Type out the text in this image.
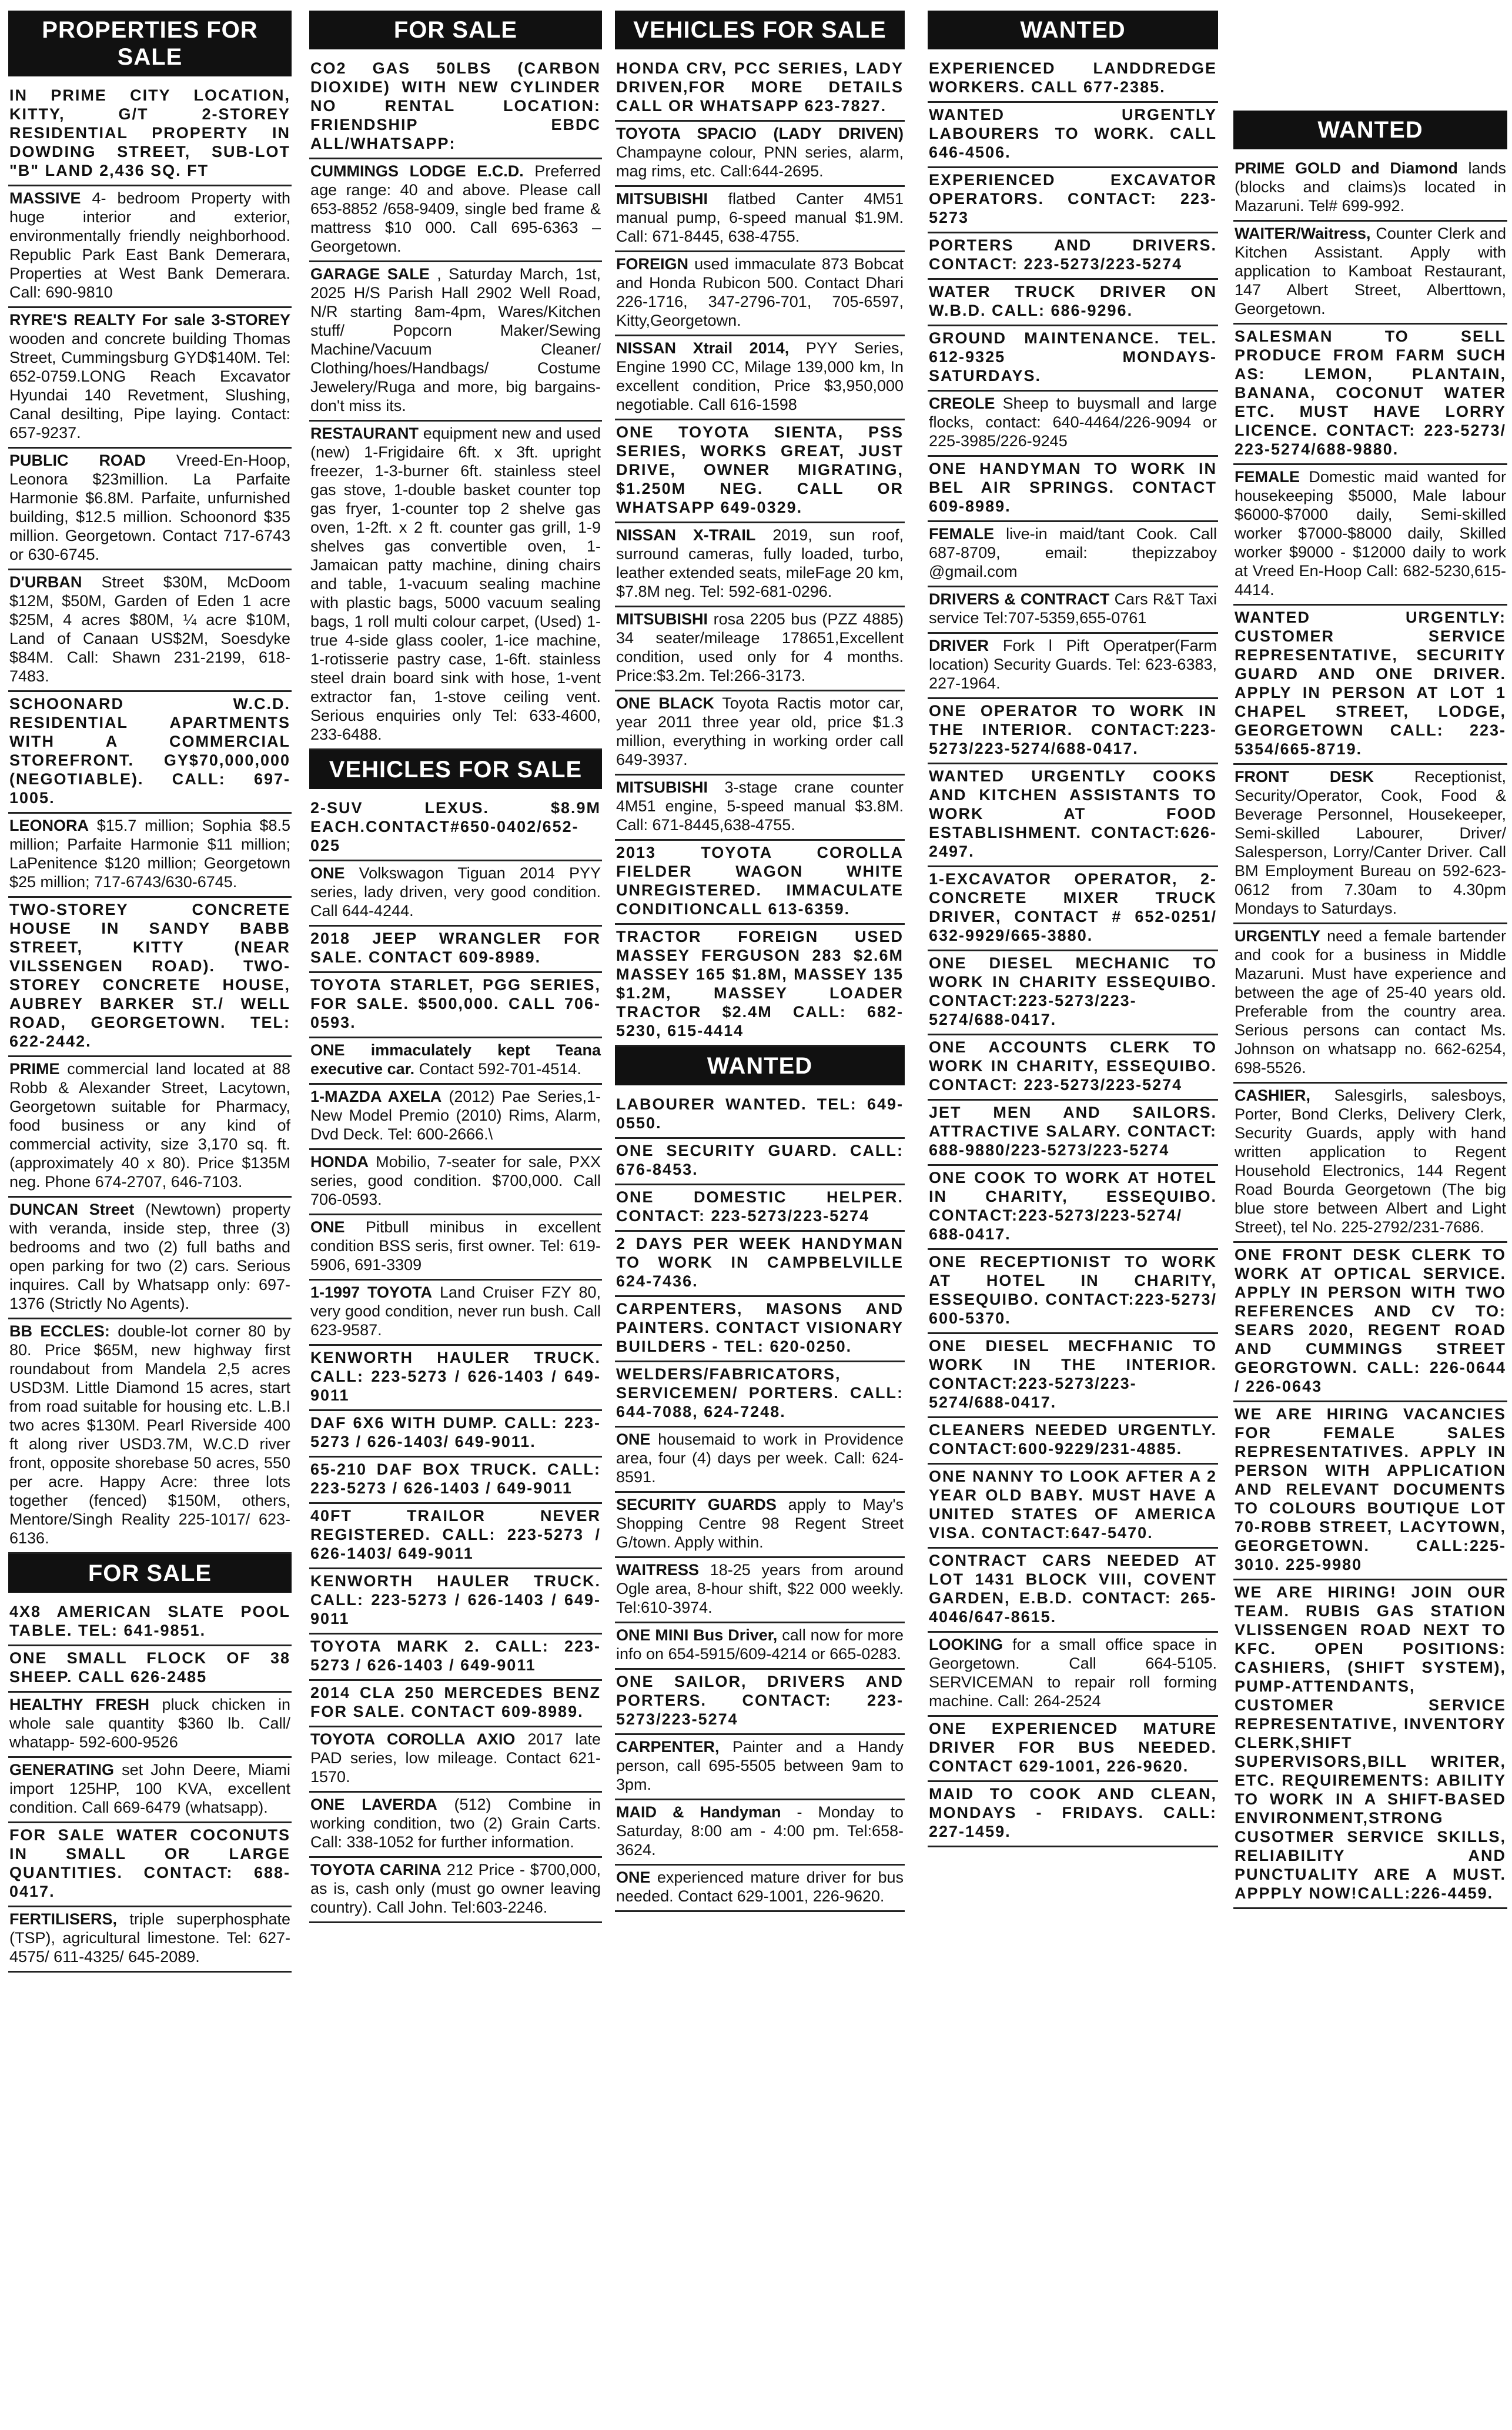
PROPERTIES FOR SALE

IN PRIME CITY LOCATION, KITTY, G/T 2-STOREY RESIDENTIAL PROPERTY IN DOWDING STREET, SUB-LOT "B" LAND 2,436 SQ. FT

MASSIVE 4- bedroom Property with huge interior and exterior, environmentally friendly neighborhood. Republic Park East Bank Demerara, Properties at West Bank Demerara. Call: 690-9810

RYRE'S REALTY For sale 3-STOREY wooden and concrete building Thomas Street, Cummingsburg GYD$140M. Tel: 652-0759.LONG Reach Excavator Hyundai 140 Revetment, Slushing, Canal desilting, Pipe laying. Contact: 657-9237.

PUBLIC ROAD Vreed-En-Hoop, Leonora $23million. La Parfaite Harmonie $6.8M. Parfaite, unfurnished building, $12.5 million. Schoonord $35 million. Georgetown. Contact 717-6743 or 630-6745.

D'URBAN Street $30M, McDoom $12M, $50M, Garden of Eden 1 acre $25M, 4 acres $80M, ¼ acre $10M, Land of Canaan US$2M, Soesdyke $84M. Call: Shawn 231-2199, 618-7483.

SCHOONARD W.C.D. RESIDENTIAL APARTMENTS WITH A COMMERCIAL STOREFRONT. GY$70,000,000 (NEGOTIABLE). CALL: 697-1005.

LEONORA $15.7 million; Sophia $8.5 million; Parfaite Harmonie $11 million; LaPenitence $120 million; Georgetown $25 million; 717-6743/630-6745.

TWO-STOREY CONCRETE HOUSE IN SANDY BABB STREET, KITTY (NEAR VILSSENGEN ROAD). TWO-STOREY CONCRETE HOUSE, AUBREY BARKER ST./ WELL ROAD, GEORGETOWN. TEL: 622-2442.

PRIME commercial land located at 88 Robb & Alexander Street, Lacytown, Georgetown suitable for Pharmacy, food business or any kind of commercial activity, size 3,170 sq. ft. (approximately 40 x 80). Price $135M neg. Phone 674-2707, 646-7103.

DUNCAN Street (Newtown) property with veranda, inside step, three (3) bedrooms and two (2) full baths and open parking for two (2) cars. Serious inquires. Call by Whatsapp only: 697-1376 (Strictly No Agents).

BB ECCLES: double-lot corner 80 by 80. Price $65M, new highway first roundabout from Mandela 2,5 acres USD3M. Little Diamond 15 acres, start from road suitable for housing etc. L.B.I two acres $130M. Pearl Riverside 400 ft along river USD3.7M, W.C.D river front, opposite shorebase 50 acres, 550 per acre. Happy Acre: three lots together (fenced) $150M, others, Mentore/Singh Reality 225-1017/ 623-6136.

FOR SALE

4X8 AMERICAN SLATE POOL TABLE. TEL: 641-9851.

ONE SMALL FLOCK OF 38 SHEEP. CALL 626-2485

HEALTHY FRESH pluck chicken in whole sale quantity $360 lb. Call/ whatapp- 592-600-9526

GENERATING set John Deere, Miami import 125HP, 100 KVA, excellent condition. Call 669-6479 (whatsapp).

FOR SALE WATER COCONUTS IN SMALL OR LARGE QUANTITIES. CONTACT: 688-0417.

FERTILISERS, triple superphosphate (TSP), agricultural limestone. Tel: 627-4575/ 611-4325/ 645-2089.

FOR SALE

CO2 GAS 50LBS (CARBON DIOXIDE) WITH NEW CYLINDER NO RENTAL LOCATION: FRIENDSHIP EBDC ALL/WHATSAPP:

CUMMINGS LODGE E.C.D. Preferred age range: 40 and above. Please call 653-8852 /658-9409, single bed frame & mattress $10 000. Call 695-6363 – Georgetown.

GARAGE SALE , Saturday March, 1st, 2025 H/S Parish Hall 2902 Well Road, N/R starting 8am-4pm, Wares/Kitchen stuff/ Popcorn Maker/Sewing Machine/Vacuum Cleaner/ Clothing/hoes/Handbags/ Costume Jewelery/Ruga and more, big bargains-don't miss its.

RESTAURANT equipment new and used (new) 1-Frigidaire 6ft. x 3ft. upright freezer, 1-3-burner 6ft. stainless steel gas stove, 1-double basket counter top gas fryer, 1-counter top 2 shelve gas oven, 1-2ft. x 2 ft. counter gas grill, 1-9 shelves gas convertible oven, 1-Jamaican patty machine, dining chairs and table, 1-vacuum sealing machine with plastic bags, 5000 vacuum sealing bags, 1 roll multi colour carpet, (Used) 1-true 4-side glass cooler, 1-ice machine, 1-rotisserie pastry case, 1-6ft. stainless steel drain board sink with hose, 1-vent extractor fan, 1-stove ceiling vent. Serious enquiries only Tel: 633-4600, 233-6488.

VEHICLES FOR SALE

2-SUV LEXUS. $8.9M EACH.CONTACT#650-0402/652-025

ONE Volkswagon Tiguan 2014 PYY series, lady driven, very good condition. Call 644-4244.

2018 JEEP WRANGLER FOR SALE. CONTACT 609-8989.

TOYOTA STARLET, PGG SERIES, FOR SALE. $500,000. CALL 706-0593.

ONE immaculately kept Teana executive car. Contact 592-701-4514.

1-MAZDA AXELA (2012) Pae Series,1- New Model Premio (2010) Rims, Alarm, Dvd Deck. Tel: 600-2666.\

HONDA Mobilio, 7-seater for sale, PXX series, good condition. $700,000. Call 706-0593.

ONE Pitbull minibus in excellent condition BSS seris, first owner. Tel: 619-5906, 691-3309

1-1997 TOYOTA Land Cruiser FZY 80, very good condition, never run bush. Call 623-9587.

KENWORTH HAULER TRUCK. CALL: 223-5273 / 626-1403 / 649-9011

DAF 6X6 WITH DUMP. CALL: 223-5273 / 626-1403/ 649-9011.

65-210 DAF BOX TRUCK. CALL: 223-5273 / 626-1403 / 649-9011

40FT TRAILOR NEVER REGISTERED. CALL: 223-5273 / 626-1403/ 649-9011

KENWORTH HAULER TRUCK. CALL: 223-5273 / 626-1403 / 649-9011

TOYOTA MARK 2. CALL: 223-5273 / 626-1403 / 649-9011

2014 CLA 250 MERCEDES BENZ FOR SALE. CONTACT 609-8989.

TOYOTA COROLLA AXIO 2017 late PAD series, low mileage. Contact 621-1570.

ONE LAVERDA (512) Combine in working condition, two (2) Grain Carts. Call: 338-1052 for further information.

TOYOTA CARINA 212 Price - $700,000, as is, cash only (must go owner leaving country). Call John. Tel:603-2246.

VEHICLES FOR SALE

HONDA CRV, PCC SERIES, LADY DRIVEN,FOR MORE DETAILS CALL OR WHATSAPP 623-7827.

TOYOTA SPACIO (LADY DRIVEN) Champayne colour, PNN series, alarm, mag rims, etc. Call:644-2695.

MITSUBISHI flatbed Canter 4M51 manual pump, 6-speed manual $1.9M. Call: 671-8445, 638-4755.

FOREIGN used immaculate 873 Bobcat and Honda Rubicon 500. Contact Dhari 226-1716, 347-2796-701, 705-6597, Kitty,Georgetown.

NISSAN Xtrail 2014, PYY Series, Engine 1990 CC, Milage 139,000 km, In excellent condition, Price $3,950,000 negotiable. Call 616-1598

ONE TOYOTA SIENTA, PSS SERIES, WORKS GREAT, JUST DRIVE, OWNER MIGRATING, $1.250M NEG. CALL OR WHATSAPP 649-0329.

NISSAN X-TRAIL 2019, sun roof, surround cameras, fully loaded, turbo, leather extended seats, mileFage 20 km, $7.8M neg. Tel: 592-681-0296.

MITSUBISHI rosa 2205 bus (PZZ 4885) 34 seater/mileage 178651,Excellent condition, used only for 4 months. Price:$3.2m. Tel:266-3173.

ONE BLACK Toyota Ractis motor car, year 2011 three year old, price $1.3 million, everything in working order call 649-3937.

MITSUBISHI 3-stage crane counter 4M51 engine, 5-speed manual $3.8M. Call: 671-8445,638-4755.

2013 TOYOTA COROLLA FIELDER WAGON WHITE UNREGISTERED. IMMACULATE CONDITIONCALL 613-6359.

TRACTOR FOREIGN USED MASSEY FERGUSON 283 $2.6M MASSEY 165 $1.8M, MASSEY 135 $1.2M, MASSEY LOADER TRACTOR $2.4M CALL: 682-5230, 615-4414

WANTED

LABOURER WANTED. TEL: 649-0550.

ONE SECURITY GUARD. CALL: 676-8453.

ONE DOMESTIC HELPER. CONTACT: 223-5273/223-5274

2 DAYS PER WEEK HANDYMAN TO WORK IN CAMPBELVILLE 624-7436.

CARPENTERS, MASONS AND PAINTERS. CONTACT VISIONARY BUILDERS - TEL: 620-0250.

WELDERS/FABRICATORS, SERVICEMEN/ PORTERS. CALL: 644-7088, 624-7248.

ONE housemaid to work in Providence area, four (4) days per week. Call: 624-8591.

SECURITY GUARDS apply to May's Shopping Centre 98 Regent Street G/town. Apply within.

WAITRESS 18-25 years from around Ogle area, 8-hour shift, $22 000 weekly. Tel:610-3974.

ONE MINI Bus Driver, call now for more info on 654-5915/609-4214 or 665-0283.

ONE SAILOR, DRIVERS AND PORTERS. CONTACT: 223-5273/223-5274

CARPENTER, Painter and a Handy person, call 695-5505 between 9am to 3pm.

MAID & Handyman - Monday to Saturday, 8:00 am - 4:00 pm. Tel:658-3624.

ONE experienced mature driver for bus needed. Contact 629-1001, 226-9620.

WANTED

EXPERIENCED LANDDREDGE WORKERS. CALL 677-2385.

WANTED URGENTLY LABOURERS TO WORK. CALL 646-4506.

EXPERIENCED EXCAVATOR OPERATORS. CONTACT: 223-5273

PORTERS AND DRIVERS. CONTACT: 223-5273/223-5274

WATER TRUCK DRIVER ON W.B.D. CALL: 686-9296.

GROUND MAINTENANCE. TEL. 612-9325 MONDAYS-SATURDAYS.

CREOLE Sheep to buysmall and large flocks, contact: 640-4464/226-9094 or 225-3985/226-9245

ONE HANDYMAN TO WORK IN BEL AIR SPRINGS. CONTACT 609-8989.

FEMALE live-in maid/tant Cook. Call 687-8709, email: thepizzaboy @gmail.com

DRIVERS & CONTRACT Cars R&T Taxi service Tel:707-5359,655-0761

DRIVER Fork l Pift Operatper(Farm location) Security Guards. Tel: 623-6383, 227-1964.

ONE OPERATOR TO WORK IN THE INTERIOR. CONTACT:223-5273/223-5274/688-0417.

WANTED URGENTLY COOKS AND KITCHEN ASSISTANTS TO WORK AT FOOD ESTABLISHMENT. CONTACT:626-2497.

1-EXCAVATOR OPERATOR, 2- CONCRETE MIXER TRUCK DRIVER, CONTACT # 652-0251/ 632-9929/665-3880.

ONE DIESEL MECHANIC TO WORK IN CHARITY ESSEQUIBO. CONTACT:223-5273/223-5274/688-0417.

ONE ACCOUNTS CLERK TO WORK IN CHARITY, ESSEQUIBO. CONTACT: 223-5273/223-5274

JET MEN AND SAILORS. ATTRACTIVE SALARY. CONTACT: 688-9880/223-5273/223-5274

ONE COOK TO WORK AT HOTEL IN CHARITY, ESSEQUIBO. CONTACT:223-5273/223-5274/ 688-0417.

ONE RECEPTIONIST TO WORK AT HOTEL IN CHARITY, ESSEQUIBO. CONTACT:223-5273/ 600-5370.

ONE DIESEL MECFHANIC TO WORK IN THE INTERIOR. CONTACT:223-5273/223-5274/688-0417.

CLEANERS NEEDED URGENTLY. CONTACT:600-9229/231-4885.

ONE NANNY TO LOOK AFTER A 2 YEAR OLD BABY. MUST HAVE A UNITED STATES OF AMERICA VISA. CONTACT:647-5470.

CONTRACT CARS NEEDED AT LOT 1431 BLOCK VIII, COVENT GARDEN, E.B.D. CONTACT: 265-4046/647-8615.

LOOKING for a small office space in Georgetown. Call 664-5105. SERVICEMAN to repair roll forming machine. Call: 264-2524

ONE EXPERIENCED MATURE DRIVER FOR BUS NEEDED. CONTACT 629-1001, 226-9620.

MAID TO COOK AND CLEAN, MONDAYS - FRIDAYS. CALL: 227-1459.

WANTED

PRIME GOLD and Diamond lands (blocks and claims)s located in Mazaruni. Tel# 699-992.

WAITER/Waitress, Counter Clerk and Kitchen Assistant. Apply with application to Kamboat Restaurant, 147 Albert Street, Alberttown, Georgetown.

SALESMAN TO SELL PRODUCE FROM FARM SUCH AS: LEMON, PLANTAIN, BANANA, COCONUT WATER ETC. MUST HAVE LORRY LICENCE. CONTACT: 223-5273/ 223-5274/688-9880.

FEMALE Domestic maid wanted for housekeeping $5000, Male labour $6000-$7000 daily, Semi-skilled worker $7000-$8000 daily, Skilled worker $9000 - $12000 daily to work at Vreed En-Hoop Call: 682-5230,615- 4414.

WANTED URGENTLY: CUSTOMER SERVICE REPRESENTATIVE, SECURITY GUARD AND ONE DRIVER. APPLY IN PERSON AT LOT 1 CHAPEL STREET, LODGE, GEORGETOWN CALL: 223-5354/665-8719.

FRONT DESK	Receptionist, Security/Operator, Cook, Food & Beverage Personnel, Housekeeper, Semi-skilled Labourer, Driver/ Salesperson, Lorry/Canter Driver. Call BM Employment Bureau on 592-623-0612 from 7.30am to 4.30pm Mondays to Saturdays.

URGENTLY need a female bartender and cook for a business in Middle Mazaruni. Must have experience and between the age of 25-40 years old. Preferable from the country area. Serious persons can contact Ms. Johnson on whatsapp no. 662-6254, 698-5526.

CASHIER, Salesgirls, salesboys, Porter, Bond Clerks, Delivery Clerk, Security Guards, apply with hand written application to Regent Household Electronics, 144 Regent Road Bourda Georgetown (The big blue store between Albert and Light Street), tel No. 225-2792/231-7686.

ONE FRONT DESK CLERK TO WORK AT OPTICAL SERVICE. APPLY IN PERSON WITH TWO REFERENCES AND CV TO: SEARS 2020, REGENT ROAD AND CUMMINGS STREET GEORGTOWN. CALL: 226-0644 / 226-0643

WE ARE HIRING VACANCIES FOR FEMALE SALES REPRESENTATIVES. APPLY IN PERSON WITH APPLICATION AND RELEVANT DOCUMENTS TO COLOURS BOUTIQUE LOT 70-ROBB STREET, LACYTOWN, GEORGETOWN. CALL:225-3010. 225-9980

WE ARE HIRING! JOIN OUR TEAM. RUBIS GAS STATION VLISSENGEN ROAD NEXT TO KFC. OPEN POSITIONS: CASHIERS, (SHIFT SYSTEM), PUMP-ATTENDANTS, CUSTOMER SERVICE REPRESENTATIVE, INVENTORY CLERK,SHIFT SUPERVISORS,BILL WRITER, ETC. REQUIREMENTS: ABILITY TO WORK IN A SHIFT-BASED ENVIRONMENT,STRONG CUSOTMER SERVICE SKILLS, RELIABILITY AND PUNCTUALITY ARE A MUST. APPPLY NOW!CALL:226-4459.
